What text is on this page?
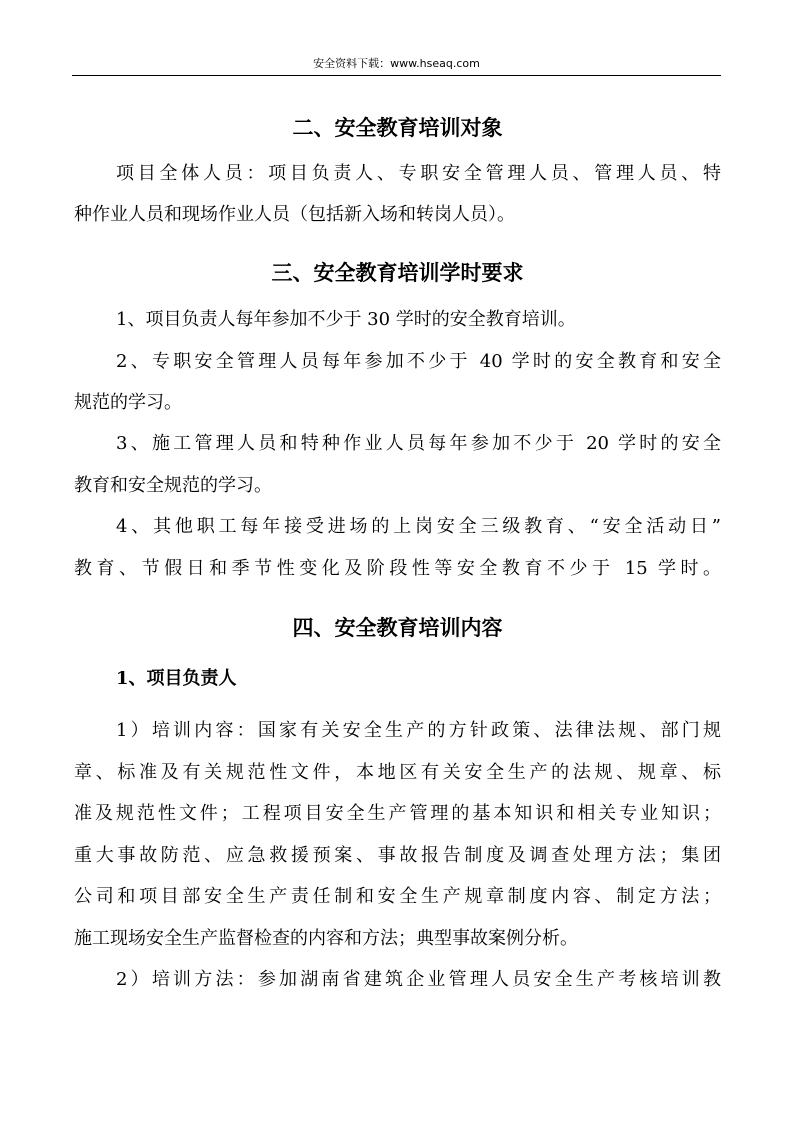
安全资料下载：www.hseaq.com
二、安全教育培训对象
项目全体人员：项目负责人、专职安全管理人员、管理人员、特
种作业人员和现场作业人员（包括新入场和转岗人员）。
三、安全教育培训学时要求
1、项目负责人每年参加不少于 30 学时的安全教育培训。
2、专职安全管理人员每年参加不少于 40 学时的安全教育和安全
规范的学习。
3、施工管理人员和特种作业人员每年参加不少于 20 学时的安全
教育和安全规范的学习。
4、其他职工每年接受进场的上岗安全三级教育、“安全活动日”
教育、节假日和季节性变化及阶段性等安全教育不少于 15 学时。
四、安全教育培训内容
1、项目负责人
1）培训内容：国家有关安全生产的方针政策、法律法规、部门规
章、标准及有关规范性文件，本地区有关安全生产的法规、规章、标
准及规范性文件；工程项目安全生产管理的基本知识和相关专业知识；
重大事故防范、应急救援预案、事故报告制度及调查处理方法；集团
公司和项目部安全生产责任制和安全生产规章制度内容、制定方法；
施工现场安全生产监督检查的内容和方法；典型事故案例分析。
2）培训方法：参加湖南省建筑企业管理人员安全生产考核培训教
